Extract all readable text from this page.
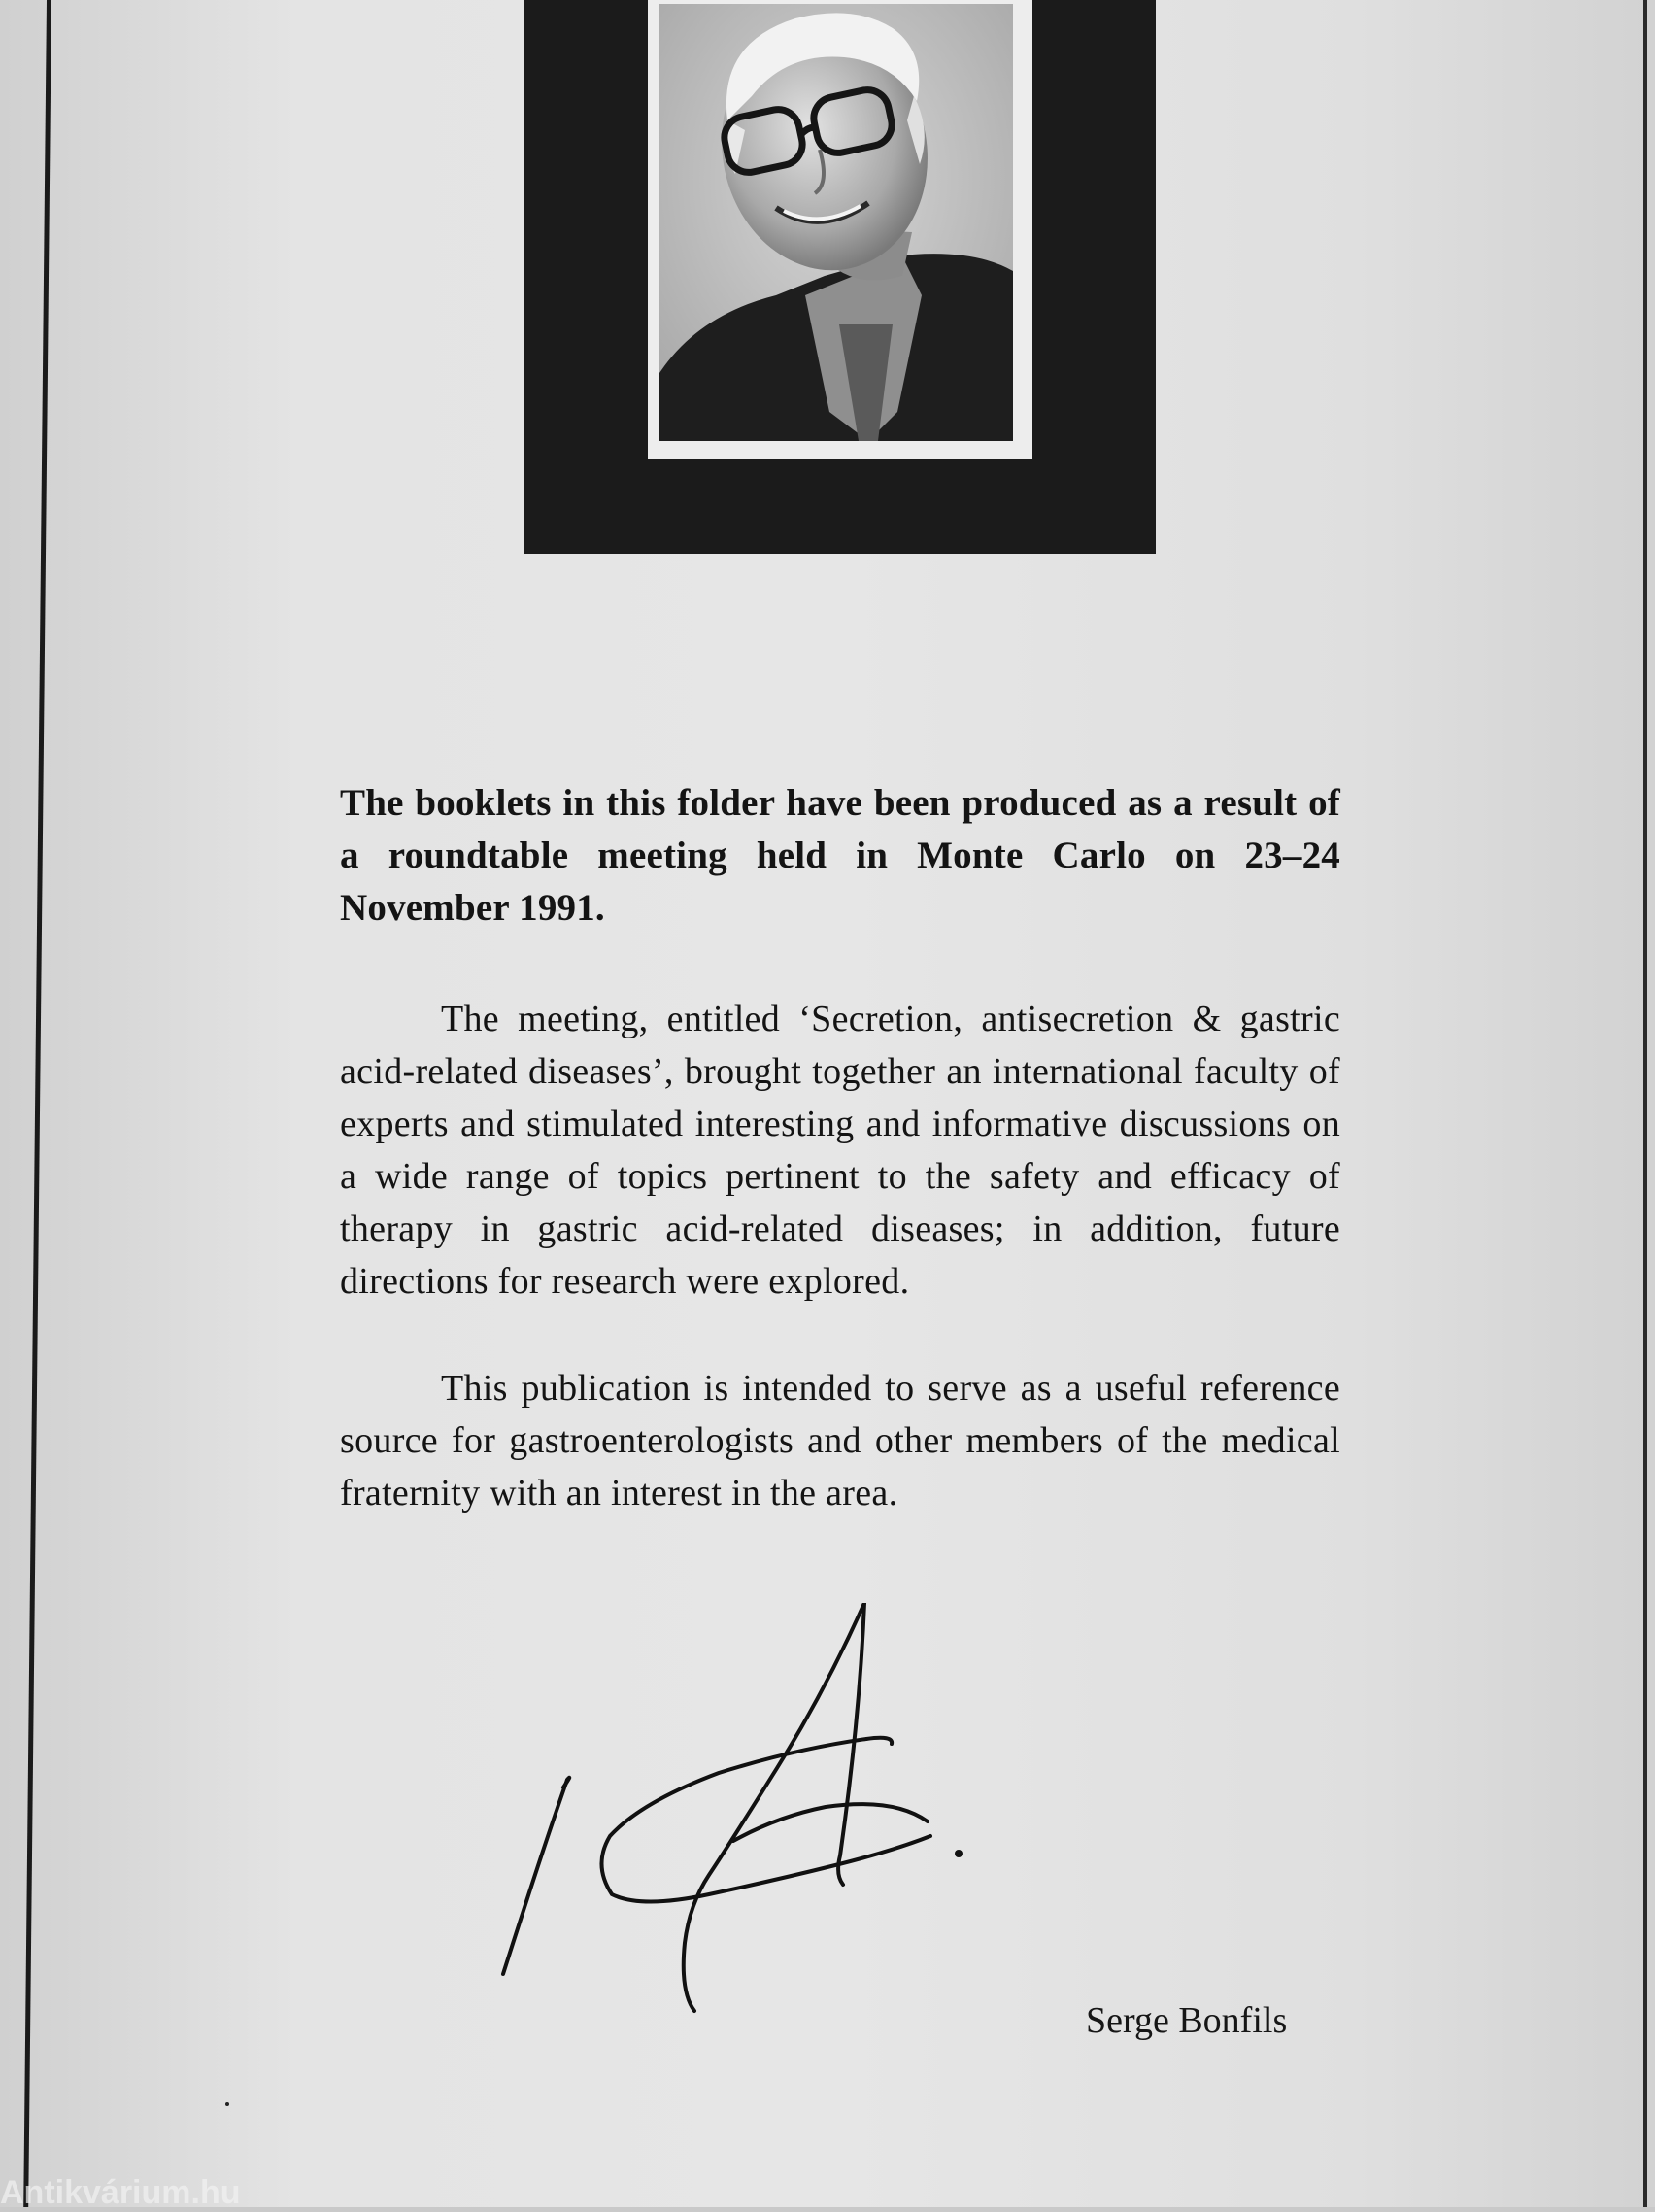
The booklets in this folder have been produced as a result of a roundtable meeting held in Monte Carlo on 23–24 November 1991.

The meeting, entitled ‘Secretion, antisecretion & gastric acid-related diseases’, brought together an international faculty of experts and stimulated interesting and informative discussions on a wide range of topics pertinent to the safety and efficacy of therapy in gastric acid-related diseases; in addition, future directions for research were explored.

This publication is intended to serve as a useful reference source for gastroenterologists and other members of the medical fraternity with an interest in the area.

Serge Bonfils
Antikvárium.hu
